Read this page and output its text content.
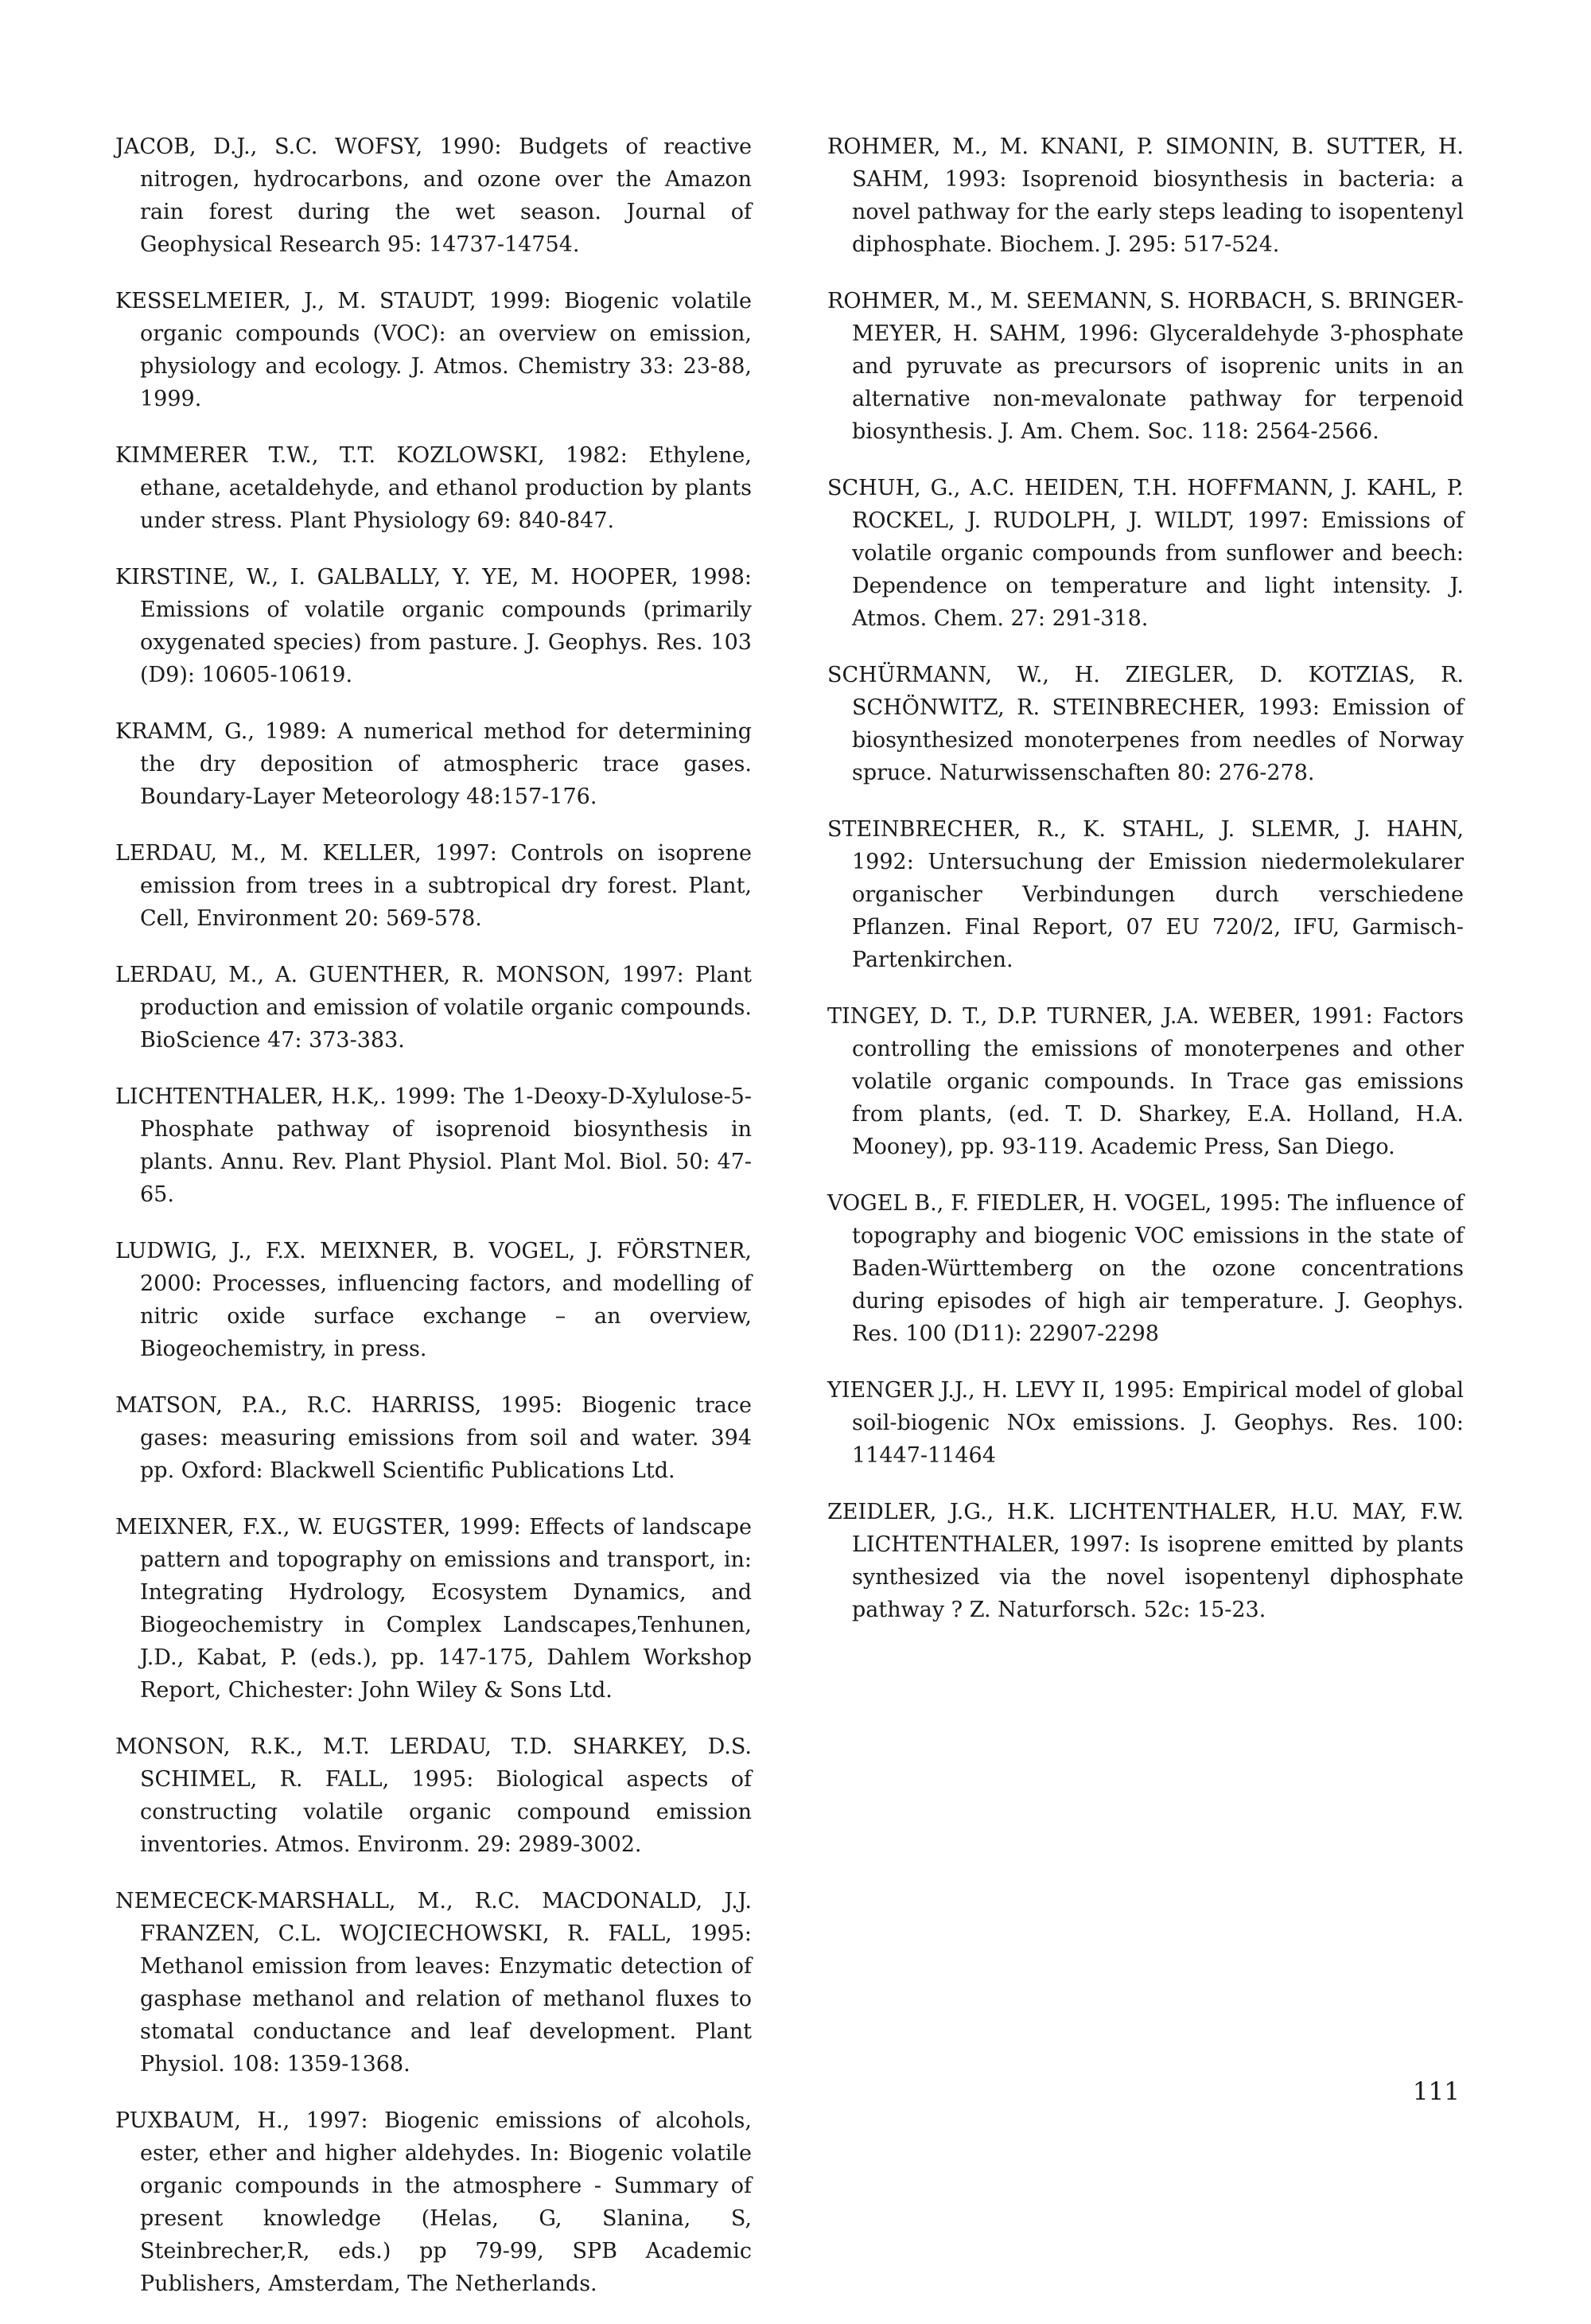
JACOB, D.J., S.C. WOFSY, 1990: Budgets of reactive nitrogen, hydrocarbons, and ozone over the Amazon rain forest during the wet season. Journal of Geophysical Research 95: 14737-14754.

KESSELMEIER, J., M. STAUDT, 1999: Biogenic volatile organic compounds (VOC): an overview on emission, physiology and ecology. J. Atmos. Chemistry 33: 23-88, 1999.

KIMMERER T.W., T.T. KOZLOWSKI, 1982: Ethylene, ethane, acetaldehyde, and ethanol production by plants under stress. Plant Physiology 69: 840-847.

KIRSTINE, W., I. GALBALLY, Y. YE, M. HOOPER, 1998: Emissions of volatile organic compounds (primarily oxygenated species) from pasture. J. Geophys. Res. 103 (D9): 10605-10619.

KRAMM, G., 1989: A numerical method for determining the dry deposition of atmospheric trace gases. Boundary-Layer Meteorology 48:157-176.

LERDAU, M., M. KELLER, 1997: Controls on isoprene emission from trees in a subtropical dry forest. Plant, Cell, Environment 20: 569-578.

LERDAU, M., A. GUENTHER, R. MONSON, 1997: Plant production and emission of volatile organic compounds. BioScience 47: 373-383.

LICHTENTHALER, H.K,. 1999: The 1-Deoxy-D-Xylulose-5-Phosphate pathway of isoprenoid biosynthesis in plants. Annu. Rev. Plant Physiol. Plant Mol. Biol. 50: 47-65.

LUDWIG, J., F.X. MEIXNER, B. VOGEL, J. FÖRSTNER, 2000: Processes, influencing factors, and modelling of nitric oxide surface exchange – an overview, Biogeochemistry, in press.

MATSON, P.A., R.C. HARRISS, 1995: Biogenic trace gases: measuring emissions from soil and water. 394 pp. Oxford: Blackwell Scientific Publications Ltd.

MEIXNER, F.X., W. EUGSTER, 1999: Effects of landscape pattern and topography on emissions and transport, in: Integrating Hydrology, Ecosystem Dynamics, and Biogeochemistry in Complex Landscapes,Tenhunen, J.D., Kabat, P. (eds.), pp. 147-175, Dahlem Workshop Report, Chichester: John Wiley & Sons Ltd.

MONSON, R.K., M.T. LERDAU, T.D. SHARKEY, D.S. SCHIMEL, R. FALL, 1995: Biological aspects of constructing volatile organic compound emission inventories. Atmos. Environm. 29: 2989-3002.

NEMECECK-MARSHALL, M., R.C. MACDONALD, J.J. FRANZEN, C.L. WOJCIECHOWSKI, R. FALL, 1995: Methanol emission from leaves: Enzymatic detection of gasphase methanol and relation of methanol fluxes to stomatal conductance and leaf development. Plant Physiol. 108: 1359-1368.

PUXBAUM, H., 1997: Biogenic emissions of alcohols, ester, ether and higher aldehydes. In: Biogenic volatile organic compounds in the atmosphere - Summary of present knowledge (Helas, G, Slanina, S, Steinbrecher,R, eds.) pp 79-99, SPB Academic Publishers, Amsterdam, The Netherlands.

ROHMER, M., M. KNANI, P. SIMONIN, B. SUTTER, H. SAHM, 1993: Isoprenoid biosynthesis in bacteria: a novel pathway for the early steps leading to isopentenyl diphosphate. Biochem. J. 295: 517-524.

ROHMER, M., M. SEEMANN, S. HORBACH, S. BRINGER-MEYER, H. SAHM, 1996: Glyceraldehyde 3-phosphate and pyruvate as precursors of isoprenic units in an alternative non-mevalonate pathway for terpenoid biosynthesis. J. Am. Chem. Soc. 118: 2564-2566.

SCHUH, G., A.C. HEIDEN, T.H. HOFFMANN, J. KAHL, P. ROCKEL, J. RUDOLPH, J. WILDT, 1997: Emissions of volatile organic compounds from sunflower and beech: Dependence on temperature and light intensity. J. Atmos. Chem. 27: 291-318.

SCHÜRMANN, W., H. ZIEGLER, D. KOTZIAS, R. SCHÖNWITZ, R. STEINBRECHER, 1993: Emission of biosynthesized monoterpenes from needles of Norway spruce. Naturwissenschaften 80: 276-278.

STEINBRECHER, R., K. STAHL, J. SLEMR, J. HAHN, 1992: Untersuchung der Emission niedermolekularer organischer Verbindungen durch verschiedene Pflanzen. Final Report, 07 EU 720/2, IFU, Garmisch-Partenkirchen.

TINGEY, D. T., D.P. TURNER, J.A. WEBER, 1991: Factors controlling the emissions of monoterpenes and other volatile organic compounds. In Trace gas emissions from plants, (ed. T. D. Sharkey, E.A. Holland, H.A. Mooney), pp. 93-119. Academic Press, San Diego.

VOGEL B., F. FIEDLER, H. VOGEL, 1995: The influence of topography and biogenic VOC emissions in the state of Baden-Württemberg on the ozone concentrations during episodes of high air temperature. J. Geophys. Res. 100 (D11): 22907-2298

YIENGER J.J., H. LEVY II, 1995: Empirical model of global soil-biogenic NOx emissions. J. Geophys. Res. 100: 11447-11464

ZEIDLER, J.G., H.K. LICHTENTHALER, H.U. MAY, F.W. LICHTENTHALER, 1997: Is isoprene emitted by plants synthesized via the novel isopentenyl diphosphate pathway ? Z. Naturforsch. 52c: 15-23.

111
